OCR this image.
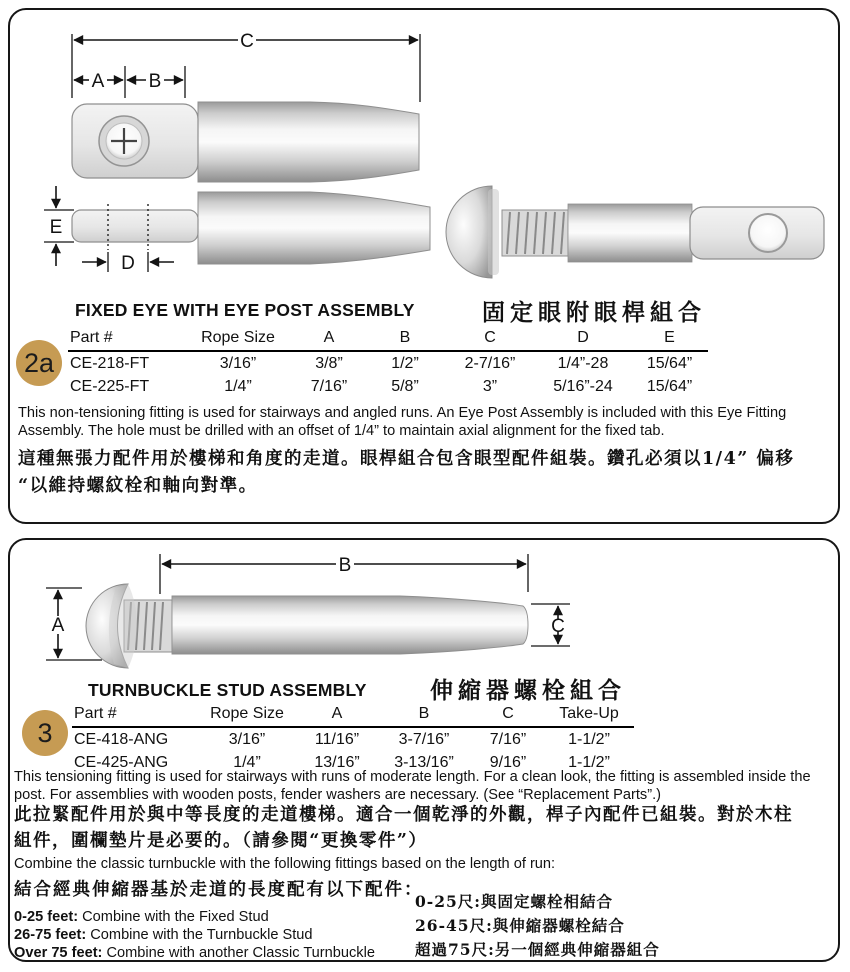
C
A B
E
D
2a
FIXED EYE WITH EYE POST ASSEMBLY	固定眼附眼桿組合
Part #	Rope Size	A	B	C	D	E
CE-218-FT	3/16”	3/8”	1/2”	2-7/16”	1/4”-28	15/64”
CE-225-FT	1/4”	7/16”	5/8”	3”	5/16”-24	15/64”
This non-tensioning fitting is used for stairways and angled runs. An Eye Post Assembly is included with this Eye Fitting Assembly. The hole must be drilled with an offset of 1/4” to maintain axial alignment for the fixed tab.
這種無張力配件用於樓梯和角度的走道。眼桿組合包含眼型配件組裝。鑽孔必須以1/4” 偏移 “以維持螺紋栓和軸向對準。
B
A	C
3
TURNBUCKLE STUD ASSEMBLY	伸縮器螺栓組合
Part #	Rope Size	A	B	C	Take-Up
CE-418-ANG	3/16”	11/16”	3-7/16”	7/16”	1-1/2”
CE-425-ANG	1/4”	13/16”	3-13/16”	9/16”	1-1/2”
This tensioning fitting is used for stairways with runs of moderate length. For a clean look, the fitting is assembled inside the post. For assemblies with wooden posts, fender washers are necessary. (See “Replacement Parts”.)
此拉緊配件用於與中等長度的走道樓梯。適合一個乾淨的外觀，桿子內配件已組裝。對於木柱組件，圍欄墊片是必要的。（請參閱“更換零件”）
Combine the classic turnbuckle with the following fittings based on the length of run:
結合經典伸縮器基於走道的長度配有以下配件：
0-25 feet: Combine with the Fixed Stud
26-75 feet: Combine with the Turnbuckle Stud
Over 75 feet: Combine with another Classic Turnbuckle
0-25尺:與固定螺栓相結合
26-45尺:與伸縮器螺栓結合
超過75尺:另一個經典伸縮器組合
